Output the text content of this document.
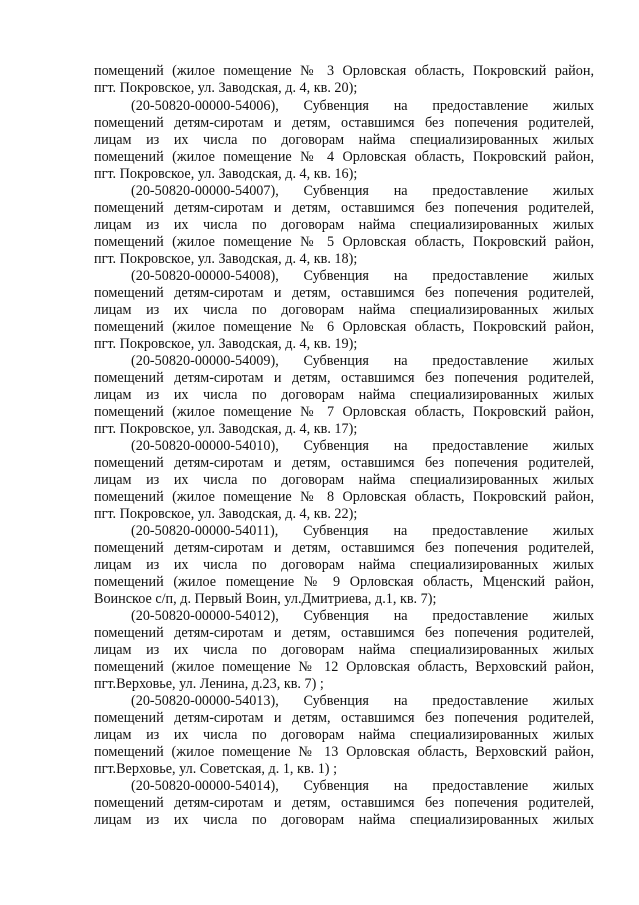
помещений (жилое помещение № 3 Орловская область, Покровский район,

пгт. Покровское, ул. Заводская, д. 4, кв. 20);

(20-50820-00000-54006), Субвенция на предоставление жилых

помещений детям-сиротам и детям, оставшимся без попечения родителей,

лицам из их числа по договорам найма специализированных жилых

помещений (жилое помещение № 4 Орловская область, Покровский район,

пгт. Покровское, ул. Заводская, д. 4, кв. 16);

(20-50820-00000-54007), Субвенция на предоставление жилых

помещений детям-сиротам и детям, оставшимся без попечения родителей,

лицам из их числа по договорам найма специализированных жилых

помещений (жилое помещение № 5 Орловская область, Покровский район,

пгт. Покровское, ул. Заводская, д. 4, кв. 18);

(20-50820-00000-54008), Субвенция на предоставление жилых

помещений детям-сиротам и детям, оставшимся без попечения родителей,

лицам из их числа по договорам найма специализированных жилых

помещений (жилое помещение № 6 Орловская область, Покровский район,

пгт. Покровское, ул. Заводская, д. 4, кв. 19);

(20-50820-00000-54009), Субвенция на предоставление жилых

помещений детям-сиротам и детям, оставшимся без попечения родителей,

лицам из их числа по договорам найма специализированных жилых

помещений (жилое помещение № 7 Орловская область, Покровский район,

пгт. Покровское, ул. Заводская, д. 4, кв. 17);

(20-50820-00000-54010), Субвенция на предоставление жилых

помещений детям-сиротам и детям, оставшимся без попечения родителей,

лицам из их числа по договорам найма специализированных жилых

помещений (жилое помещение № 8 Орловская область, Покровский район,

пгт. Покровское, ул. Заводская, д. 4, кв. 22);

(20-50820-00000-54011), Субвенция на предоставление жилых

помещений детям-сиротам и детям, оставшимся без попечения родителей,

лицам из их числа по договорам найма специализированных жилых

помещений (жилое помещение № 9 Орловская область, Мценский район,

Воинское с/п, д. Первый Воин, ул.Дмитриева, д.1, кв. 7);

(20-50820-00000-54012), Субвенция на предоставление жилых

помещений детям-сиротам и детям, оставшимся без попечения родителей,

лицам из их числа по договорам найма специализированных жилых

помещений (жилое помещение № 12 Орловская область, Верховский район,

пгт.Верховье, ул. Ленина, д.23, кв. 7) ;

(20-50820-00000-54013), Субвенция на предоставление жилых

помещений детям-сиротам и детям, оставшимся без попечения родителей,

лицам из их числа по договорам найма специализированных жилых

помещений (жилое помещение № 13 Орловская область, Верховский район,

пгт.Верховье, ул. Советская, д. 1, кв. 1) ;

(20-50820-00000-54014), Субвенция на предоставление жилых

помещений детям-сиротам и детям, оставшимся без попечения родителей,

лицам из их числа по договорам найма специализированных жилых
